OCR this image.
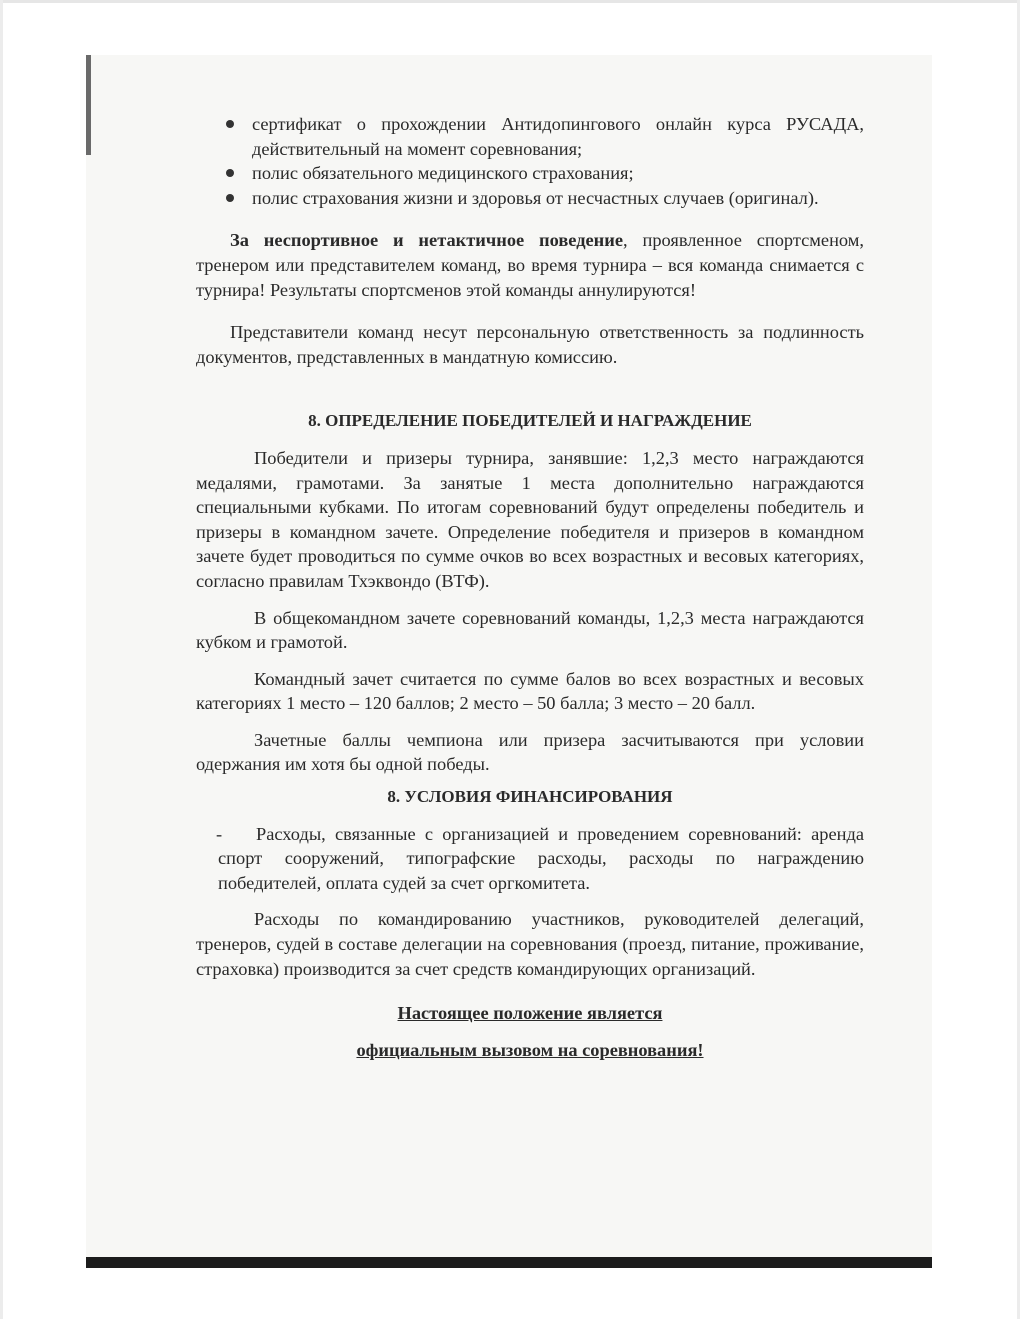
сертификат о прохождении Антидопингового онлайн курса РУСАДА, действительный на момент соревнования;
полис обязательного медицинского страхования;
полис страхования жизни и здоровья от несчастных случаев (оригинал).

За неспортивное и нетактичное поведение, проявленное спортсменом, тренером или представителем команд, во время турнира – вся команда снимается с турнира! Результаты спортсменов этой команды аннулируются!

Представители команд несут персональную ответственность за подлинность документов, представленных в мандатную комиссию.

8. ОПРЕДЕЛЕНИЕ ПОБЕДИТЕЛЕЙ И НАГРАЖДЕНИЕ

Победители и призеры турнира, занявшие: 1,2,3 место награждаются медалями, грамотами. За занятые 1 места дополнительно награждаются специальными кубками. По итогам соревнований будут определены победитель и призеры в командном зачете. Определение победителя и призеров в командном зачете будет проводиться по сумме очков во всех возрастных и весовых категориях, согласно правилам Тхэквондо (ВТФ).

В общекомандном зачете соревнований команды, 1,2,3 места награждаются кубком и грамотой.

Командный зачет считается по сумме балов во всех возрастных и весовых категориях 1 место – 120 баллов; 2 место – 50 балла; 3 место – 20 балл.

Зачетные баллы чемпиона или призера засчитываются при условии одержания им хотя бы одной победы.

8. УСЛОВИЯ ФИНАНСИРОВАНИЯ

-	Расходы, связанные с организацией и проведением соревнований: аренда спорт сооружений, типографские расходы, расходы по награждению победителей, оплата судей за счет оргкомитета.

Расходы по командированию участников, руководителей делегаций, тренеров, судей в составе делегации на соревнования (проезд, питание, проживание, страховка) производится за счет средств командирующих организаций.

Настоящее положение является

официальным вызовом на соревнования!
